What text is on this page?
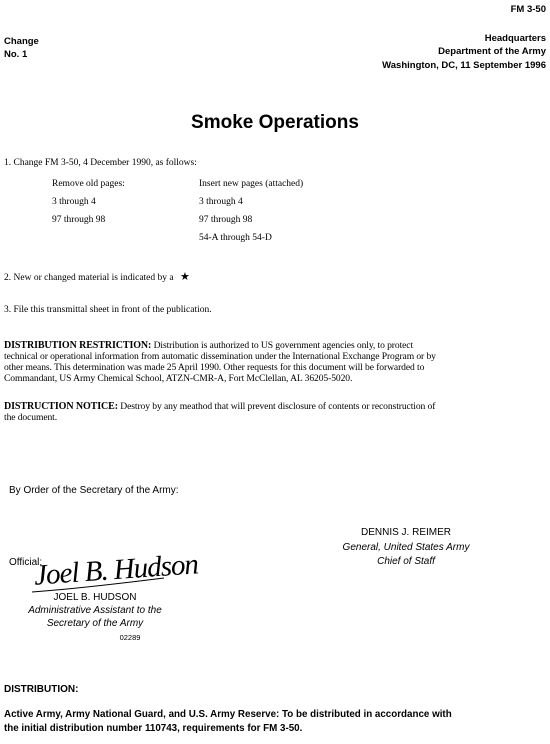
FM 3-50
Change
No. 1
Headquarters
Department of the Army
Washington, DC, 11 September 1996
Smoke Operations
1. Change FM 3-50, 4 December 1990, as follows:
Remove old pages:	Insert new pages (attached)
3 through 4
97 through 98
3 through 4
97 through 98
54-A through 54-D
2. New or changed material is indicated by a ★
3. File this transmittal sheet in front of the publication.
DISTRIBUTION RESTRICTION: Distribution is authorized to US government agencies only, to protect
technical or operational information from automatic dissemination under the International Exchange Program or by
other means. This determination was made 25 April 1990. Other requests for this document will be forwarded to
Commandant, US Army Chemical School, ATZN-CMR-A, Fort McClellan, AL 36205-5020.
DISTRUCTION NOTICE: Destroy by any meathod that will prevent disclosure of contents or reconstruction of
the document.
By Order of the Secretary of the Army:
DENNIS J. REIMER
General, United States Army
Chief of Staff
Official:
Joel B. Hudson
JOEL B. HUDSON
Administrative Assistant to the
Secretary of the Army
02289
DISTRIBUTION:
Active Army, Army National Guard, and U.S. Army Reserve: To be distributed in accordance with
the initial distribution number 110743, requirements for FM 3-50.
